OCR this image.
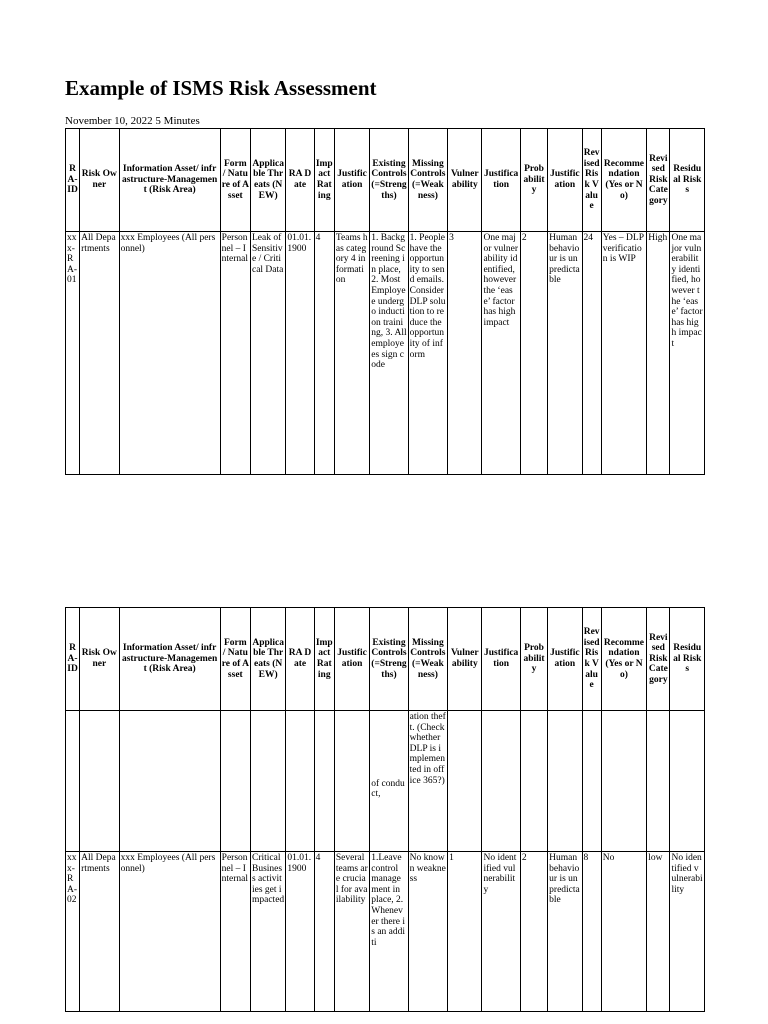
Example of ISMS Risk Assessment
November 10, 2022 5 Minutes
RA-ID	Risk Owner	Information Asset/ infrastructure-Management (Risk Area)	Form / Nature of Asset	Applicable Threats (NEW)	RA Date	Impact Rating	Justification	Existing Controls (=Strengths)	Missing Controls (=Weakness)	Vulnerability	Justification	Probability	Justification	Revised Risk Value	Recommendation (Yes or No)	Revised Risk Category	Residual Risks
xxx-RA-01	All Departments	xxx Employees (All personnel)	Personnel – Internal	Leak of Sensitive / Critical Data	01.01.1900	4	Teams has category 4 information	1. Background Screening in place, 2. Most Employee undergo induction training, 3. All employees sign code	1. People have the opportunity to send emails. Consider DLP solution to reduce the opportunity of inform	3	One major vulnerability identified, however the ‘ease’ factor has high impact	2	Human behaviour is unpredictable	24	Yes – DLP verification is WIP	High	One major vulnerability identified, however the ‘ease’ factor has high impact
RA-ID	Risk Owner	Information Asset/ infrastructure-Management (Risk Area)	Form / Nature of Asset	Applicable Threats (NEW)	RA Date	Impact Rating	Justification	Existing Controls (=Strengths)	Missing Controls (=Weakness)	Vulnerability	Justification	Probability	Justification	Revised Risk Value	Recommendation (Yes or No)	Revised Risk Category	Residual Risks

								of conduct,	ation theft. (Check whether DLP is implemented in office 365?)								
xxx-RA-02	All Departments	xxx Employees (All personnel)	Personnel – Internal	Critical Business activities get impacted	01.01.1900	4	Several teams are crucial for availability	1.Leave control management in place, 2. Whenever there is an additi	No known weakness	1	No identified vulnerability	2	Human behaviour is unpredictable	8	No	low	No identified vulnerability
